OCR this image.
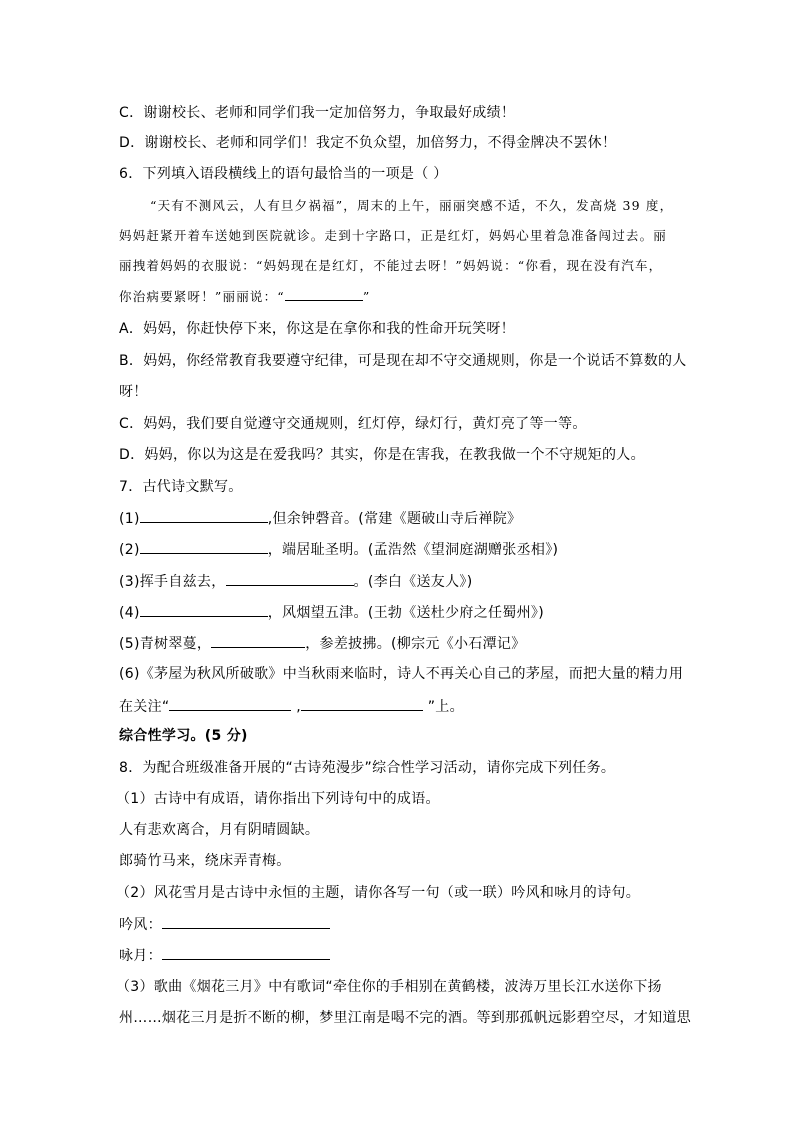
C．谢谢校长、老师和同学们我一定加倍努力，争取最好成绩！
D．谢谢校长、老师和同学们！我定不负众望，加倍努力，不得金牌决不罢休！
6．下列填入语段横线上的语句最恰当的一项是（ ）
“天有不测风云，人有旦夕祸福”，周末的上午，丽丽突感不适，不久，发高烧 39 度，
妈妈赶紧开着车送她到医院就诊。走到十字路口，正是红灯，妈妈心里着急准备闯过去。丽
丽拽着妈妈的衣服说：“妈妈现在是红灯，不能过去呀！”妈妈说：“你看，现在没有汽车，
你治病要紧呀！”丽丽说：“	”
A．妈妈，你赶快停下来，你这是在拿你和我的性命开玩笑呀！
B．妈妈，你经常教育我要遵守纪律，可是现在却不守交通规则，你是一个说话不算数的人
呀！
C．妈妈，我们要自觉遵守交通规则，红灯停，绿灯行，黄灯亮了等一等。
D．妈妈，你以为这是在爱我吗？其实，你是在害我，在教我做一个不守规矩的人。
7．古代诗文默写。
(1)	,但余钟磬音。(常建《题破山寺后禅院》
(2)	，端居耻圣明。(孟浩然《望洞庭湖赠张丞相》)
(3)挥手自兹去，	。(李白《送友人》)
(4)	，风烟望五津。(王勃《送杜少府之任蜀州》)
(5)青树翠蔓，	，参差披拂。(柳宗元《小石潭记》
(6)《茅屋为秋风所破歌》中当秋雨来临时，诗人不再关心自己的茅屋，而把大量的精力用
在关注“	,	”上。
综合性学习。(5 分)
8．为配合班级准备开展的“古诗苑漫步”综合性学习活动，请你完成下列任务。
（1）古诗中有成语，请你指出下列诗句中的成语。
人有悲欢离合，月有阴晴圆缺。
郎骑竹马来，绕床弄青梅。
（2）风花雪月是古诗中永恒的主题，请你各写一句（或一联）吟风和咏月的诗句。
吟风：
咏月：
（3）歌曲《烟花三月》中有歌词“牵住你的手相别在黄鹤楼，波涛万里长江水送你下扬
州……烟花三月是折不断的柳，梦里江南是喝不完的酒。等到那孤帆远影碧空尽，才知道思
